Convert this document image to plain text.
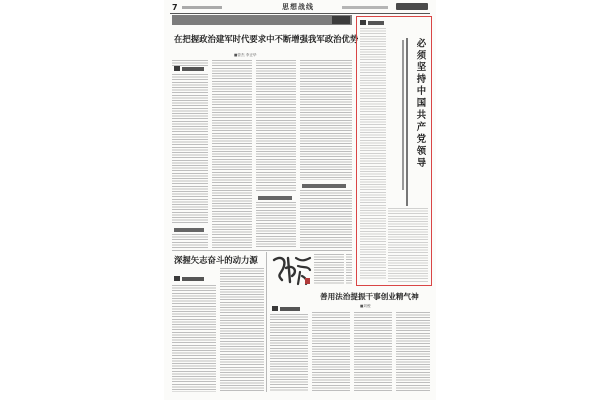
7	思想战线
在把握政治建军时代要求中不断增强我军政治优势
■曾杰 李正华	必须坚持中国共产党领导
深握矢志奋斗的动力源
善用法治提振干事创业精气神
■刘俊
